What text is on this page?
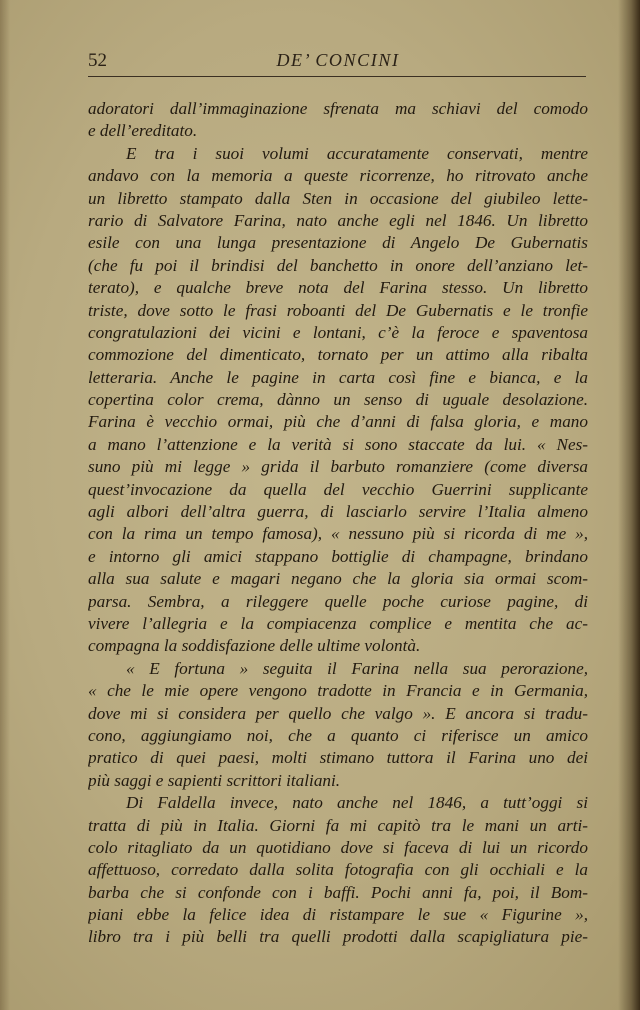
52	DE’ CONCINI
adoratori dall’immaginazione sfrenata ma schiavi del comodo
e dell’ereditato.
E tra i suoi volumi accuratamente conservati, mentre
andavo con la memoria a queste ricorrenze, ho ritrovato anche
un libretto stampato dalla Sten in occasione del giubileo lette-
rario di Salvatore Farina, nato anche egli nel 1846. Un libretto
esile con una lunga presentazione di Angelo De Gubernatis
(che fu poi il brindisi del banchetto in onore dell’anziano let-
terato), e qualche breve nota del Farina stesso. Un libretto
triste, dove sotto le frasi roboanti del De Gubernatis e le tronfie
congratulazioni dei vicini e lontani, c’è la feroce e spaventosa
commozione del dimenticato, tornato per un attimo alla ribalta
letteraria. Anche le pagine in carta così fine e bianca, e la
copertina color crema, dànno un senso di uguale desolazione.
Farina è vecchio ormai, più che d’anni di falsa gloria, e mano
a mano l’attenzione e la verità si sono staccate da lui. « Nes-
suno più mi legge » grida il barbuto romanziere (come diversa
quest’invocazione da quella del vecchio Guerrini supplicante
agli albori dell’altra guerra, di lasciarlo servire l’Italia almeno
con la rima un tempo famosa), « nessuno più si ricorda di me »,
e intorno gli amici stappano bottiglie di champagne, brindano
alla sua salute e magari negano che la gloria sia ormai scom-
parsa. Sembra, a rileggere quelle poche curiose pagine, di
vivere l’allegria e la compiacenza complice e mentita che ac-
compagna la soddisfazione delle ultime volontà.
« E fortuna » seguita il Farina nella sua perorazione,
« che le mie opere vengono tradotte in Francia e in Germania,
dove mi si considera per quello che valgo ». E ancora si tradu-
cono, aggiungiamo noi, che a quanto ci riferisce un amico
pratico di quei paesi, molti stimano tuttora il Farina uno dei
più saggi e sapienti scrittori italiani.
Di Faldella invece, nato anche nel 1846, a tutt’oggi si
tratta di più in Italia. Giorni fa mi capitò tra le mani un arti-
colo ritagliato da un quotidiano dove si faceva di lui un ricordo
affettuoso, corredato dalla solita fotografia con gli occhiali e la
barba che si confonde con i baffi. Pochi anni fa, poi, il Bom-
piani ebbe la felice idea di ristampare le sue « Figurine »,
libro tra i più belli tra quelli prodotti dalla scapigliatura pie-
